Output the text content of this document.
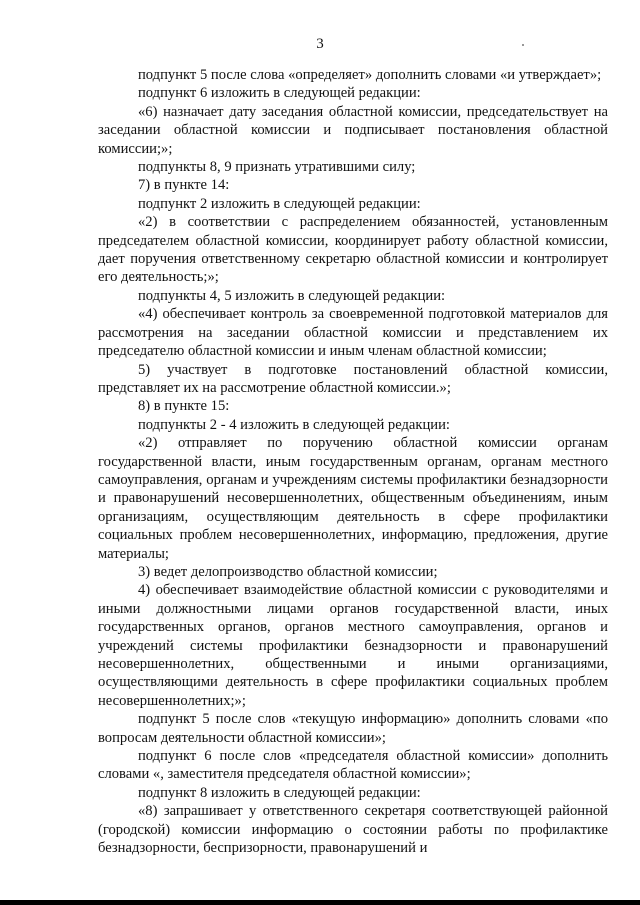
3

подпункт 5 после слова «определяет» дополнить словами «и утверждает»;

подпункт 6 изложить в следующей редакции:

«6) назначает дату заседания областной комиссии, председательствует на заседании областной комиссии и подписывает постановления областной комиссии;»;

подпункты 8, 9 признать утратившими силу;

7) в пункте 14:

подпункт 2 изложить в следующей редакции:

«2) в соответствии с распределением обязанностей, установленным председателем областной комиссии, координирует работу областной комиссии, дает поручения ответственному секретарю областной комиссии и контролирует его деятельность;»;

подпункты 4, 5 изложить в следующей редакции:

«4) обеспечивает контроль за своевременной подготовкой материалов для рассмотрения на заседании областной комиссии и представлением их председателю областной комиссии и иным членам областной комиссии;

5) участвует в подготовке постановлений областной комиссии, представляет их на рассмотрение областной комиссии.»;

8) в пункте 15:

подпункты 2 - 4 изложить в следующей редакции:

«2) отправляет по поручению областной комиссии органам государственной власти, иным государственным органам, органам местного самоуправления, органам и учреждениям системы профилактики безнадзорности и правонарушений несовершеннолетних, общественным объединениям, иным организациям, осуществляющим деятельность в сфере профилактики социальных проблем несовершеннолетних, информацию, предложения, другие материалы;

3) ведет делопроизводство областной комиссии;

4) обеспечивает взаимодействие областной комиссии с руководителями и иными должностными лицами органов государственной власти, иных государственных органов, органов местного самоуправления, органов и учреждений системы профилактики безнадзорности и правонарушений несовершеннолетних, общественными и иными организациями, осуществляющими деятельность в сфере профилактики социальных проблем несовершеннолетних;»;

подпункт 5 после слов «текущую информацию» дополнить словами «по вопросам деятельности областной комиссии»;

подпункт 6 после слов «председателя областной комиссии» дополнить словами «, заместителя председателя областной комиссии»;

подпункт 8 изложить в следующей редакции:

«8) запрашивает у ответственного секретаря соответствующей районной (городской) комиссии информацию о состоянии работы по профилактике безнадзорности, беспризорности, правонарушений и
